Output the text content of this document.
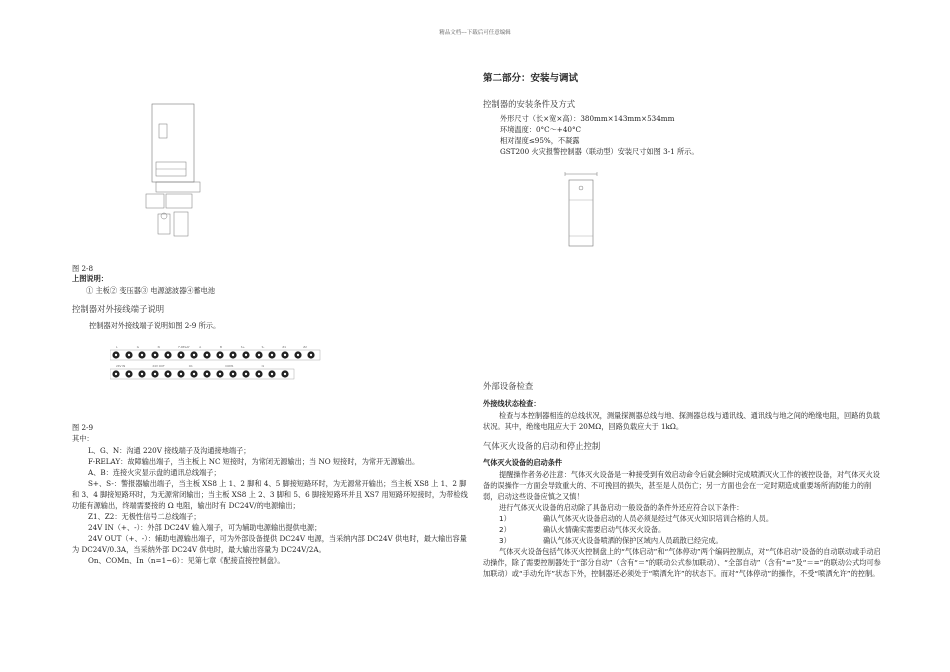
精品文档---下载后可任意编辑
图 2-8
上图说明：
① 主板② 变压器③ 电源滤波器④蓄电池
控制器对外接线端子说明
控制器对外接线端子说明如图 2-9 所示。
L	G	N	F-RELAY	A	B	S+	S-	Z1	Z2
24V IN	24V OUT	O1	COM1	I1
图 2-9
其中：

L、G、N：沟通 220V 接线端子及沟通接地端子；

F-RELAY：故障输出端子，当主板上 NC 短接时，为常闭无源输出；当 NO 短接时，为常开无源输出。

A、B：连接火灾显示盘的通讯总线端子；

S+、S-：警报器输出端子，当主板 XS8 上 1、2 脚和 4、5 脚接短路环时，为无源常开输出；当主板 XS8 上 1、2 脚和 3、4 脚接短路环时，为无源常闭输出；当主板 XS8 上 2、3 脚和 5、6 脚接短路环并且 XS7 用短路环短接时，为带检线功能有源输出，终端需要接的 Ω 电阻，输出时有 DC24V/的电源输出；

Z1、Z2：无极性信号二总线端子；

24V IN（+、-）：外部 DC24V 输入端子，可为辅助电源输出提供电源；

24V OUT（+、-）：辅助电源输出端子，可为外部设备提供 DC24V 电源，当采纳内部 DC24V 供电时，最大输出容量为 DC24V/0.3A，当采纳外部 DC24V 供电时，最大输出容量为 DC24V/2A。

On、COMn、In（n=1~6）：见第七章《配接直接控制盘》。

第二部分：安装与调试
控制器的安装条件及方式

外形尺寸（长×宽×高）：380mm×143mm×534mm

环境温度：0°C～+40°C

相对湿度≤95%，不凝露

GST200 火灾报警控制器（联动型）安装尺寸如图 3-1 所示。

外部设备检查
外接线状态检查：

检查与本控制器相连的总线状况，测量探测器总线与地、探测器总线与通讯线、通讯线与地之间的绝缘电阻，回路的负载状况。其中，绝缘电阻应大于 20MΩ，回路负载应大于 1kΩ。

气体灭火设备的启动和停止控制
气体灭火设备的启动条件

提醒操作者务必注意：气体灭火设备是一种接受到有效启动命令后就会瞬时完成喷洒灭火工作的被控设备，对气体灭火设备的误操作一方面会导致重大的、不可挽回的损失，甚至是人员伤亡；另一方面也会在一定时期造成重要场所消防能力的削弱，启动这些设备应慎之又慎！

进行气体灭火设备的启动除了具备启动一般设备的条件外还应符合以下条件：

1）	确认气体灭火设备启动的人员必须是经过气体灭火知识培训合格的人员。
2）	确认火情确实需要启动气体灭火设备。
3）	确认气体灭火设备喷洒的保护区域内人员疏散已经完成。

气体灭火设备包括气体灭火控制盘上的“气体启动”和“气体停动”两个编码控制点，对“气体启动”设备的自动联动或手动启动操作，除了需要控制器处于“部分自动”（含有“＝”的联动公式参加联动）、“全部自动”（含有“=”及“＝=”的联动公式均可参加联动）或“手动允许”状态下外，控制器还必须处于“喷洒允许”的状态下。而对“气体停动”的操作，不受“喷洒允许”的控制。
